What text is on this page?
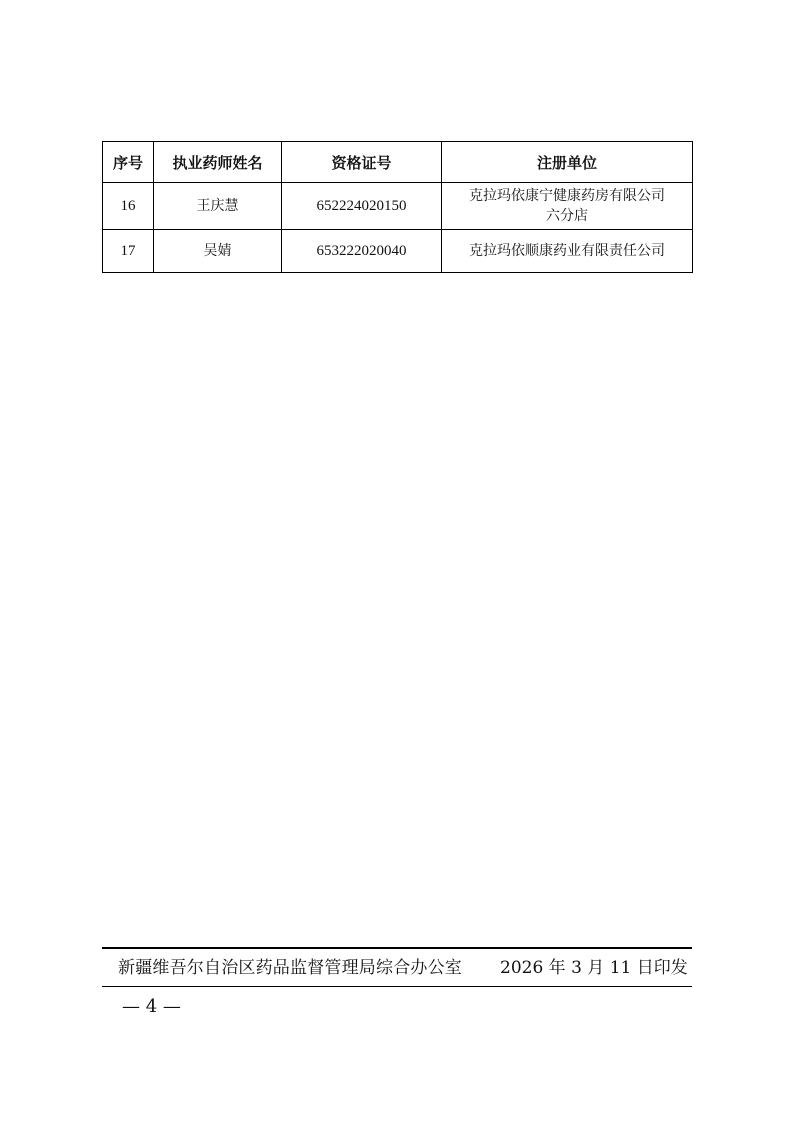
序号	执业药师姓名	资格证号	注册单位
16	王庆慧	652224020150	克拉玛依康宁健康药房有限公司
六分店

17	吴婧	653222020040	克拉玛依顺康药业有限责任公司
新疆维吾尔自治区药品监督管理局综合办公室 2026 年 3 月 11 日印发
— 4 —
